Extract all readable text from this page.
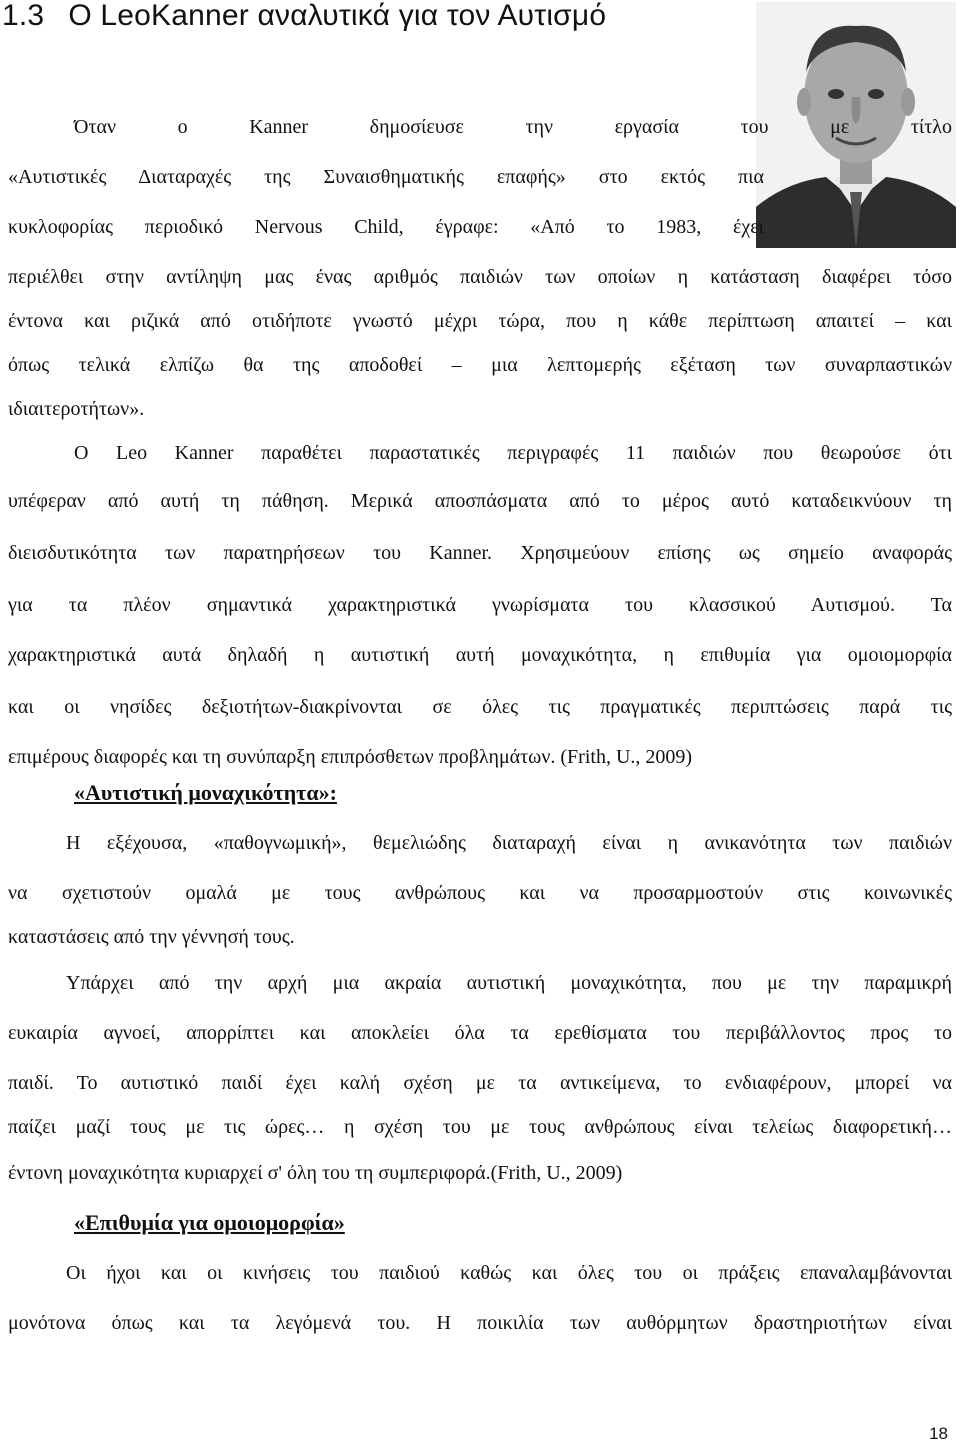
1.3 Ο LeoKanner αναλυτικά για τον Αυτισμό
Όταν ο Kanner δημοσίευσε την εργασία του με τίτλο
«Αυτιστικές Διαταραχές της Συναισθηματικής επαφής» στο εκτός πια
κυκλοφορίας περιοδικό Nervous Child, έγραφε: «Από το 1983, έχει
περιέλθει στην αντίληψη μας ένας αριθμός παιδιών των οποίων η κατάσταση διαφέρει τόσο
έντονα και ριζικά από οτιδήποτε γνωστό μέχρι τώρα, που η κάθε περίπτωση απαιτεί – και
όπως τελικά ελπίζω θα της αποδοθεί – μια λεπτομερής εξέταση των συναρπαστικών
ιδιαιτεροτήτων».
Ο Leo Kanner παραθέτει παραστατικές περιγραφές 11 παιδιών που θεωρούσε ότι
υπέφεραν από αυτή τη πάθηση. Μερικά αποσπάσματα από το μέρος αυτό καταδεικνύουν τη
διεισδυτικότητα των παρατηρήσεων του Kanner. Χρησιμεύουν επίσης ως σημείο αναφοράς
για τα πλέον σημαντικά χαρακτηριστικά γνωρίσματα του κλασσικού Αυτισμού. Τα
χαρακτηριστικά αυτά δηλαδή η αυτιστική αυτή μοναχικότητα, η επιθυμία για ομοιομορφία
και οι νησίδες δεξιοτήτων-διακρίνονται σε όλες τις πραγματικές περιπτώσεις παρά τις
επιμέρους διαφορές και τη συνύπαρξη επιπρόσθετων προβλημάτων. (Frith, U., 2009)
«Αυτιστική μοναχικότητα»:
Η εξέχουσα, «παθογνωμική», θεμελιώδης διαταραχή είναι η ανικανότητα των παιδιών
να σχετιστούν ομαλά με τους ανθρώπους και να προσαρμοστούν στις κοινωνικές
καταστάσεις από την γέννησή τους.
Υπάρχει από την αρχή μια ακραία αυτιστική μοναχικότητα, που με την παραμικρή
ευκαιρία αγνοεί, απορρίπτει και αποκλείει όλα τα ερεθίσματα του περιβάλλοντος προς το
παιδί. Το αυτιστικό παιδί έχει καλή σχέση με τα αντικείμενα, το ενδιαφέρουν, μπορεί να
παίζει μαζί τους με τις ώρες… η σχέση του με τους ανθρώπους είναι τελείως διαφορετική…
έντονη μοναχικότητα κυριαρχεί σ' όλη του τη συμπεριφορά.(Frith, U., 2009)
«Επιθυμία για ομοιομορφία»
Οι ήχοι και οι κινήσεις του παιδιού καθώς και όλες του οι πράξεις επαναλαμβάνονται
μονότονα όπως και τα λεγόμενά του. Η ποικιλία των αυθόρμητων δραστηριοτήτων είναι
18
